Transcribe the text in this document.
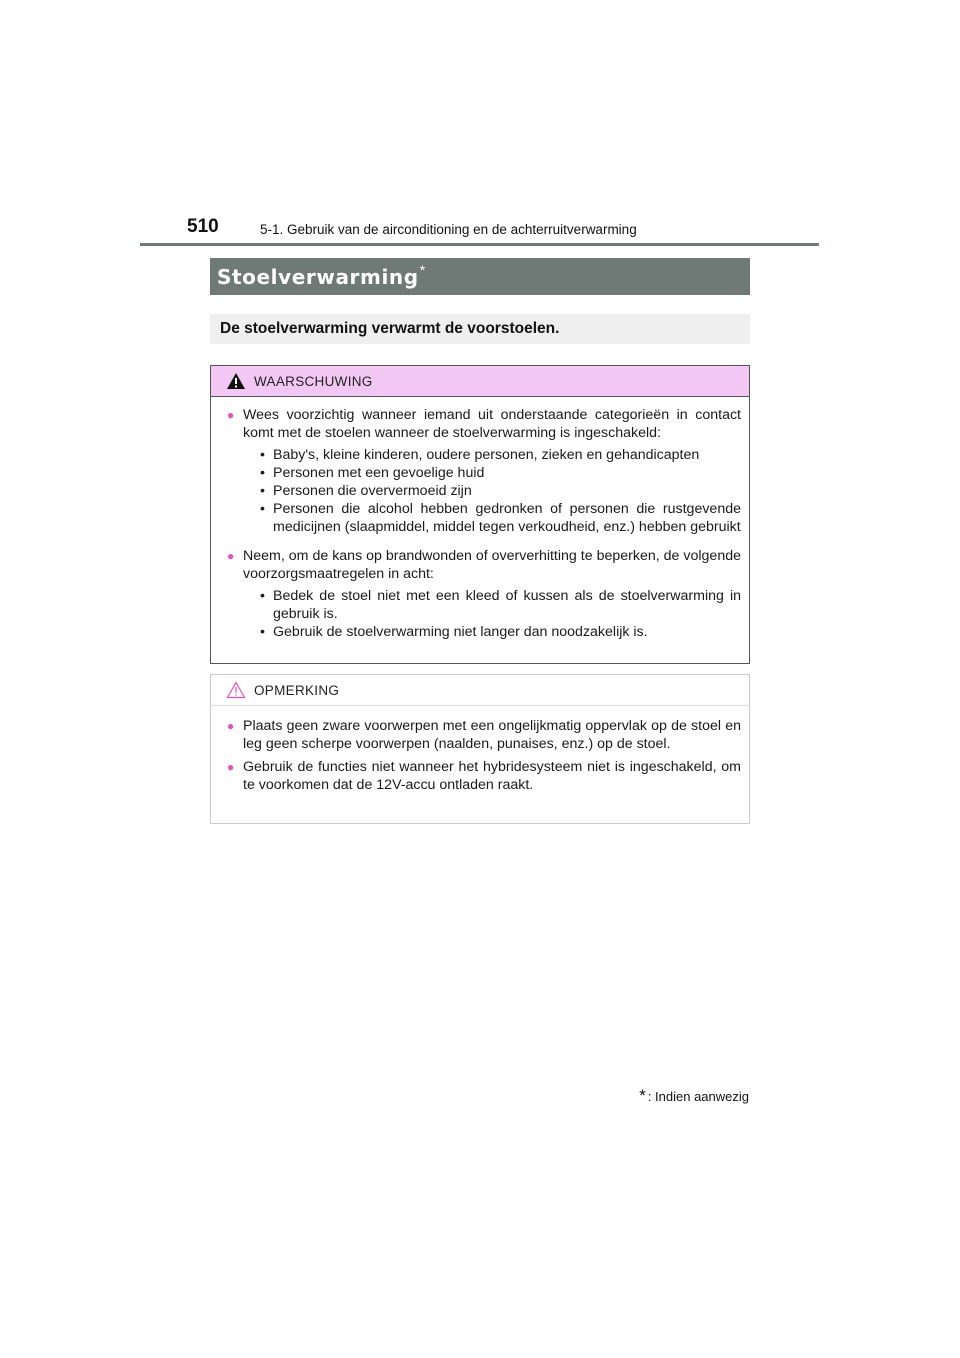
510	5-1. Gebruik van de airconditioning en de achterruitverwarming
Stoelverwarming *
De stoelverwarming verwarmt de voorstoelen.
WAARSCHUWING
● Wees voorzichtig wanneer iemand uit onderstaande categorieën in contact komt met de stoelen wanneer de stoelverwarming is ingeschakeld:
• Baby's, kleine kinderen, oudere personen, zieken en gehandicapten
• Personen met een gevoelige huid
• Personen die oververmoeid zijn
• Personen die alcohol hebben gedronken of personen die rustgevende medicijnen (slaapmiddel, middel tegen verkoudheid, enz.) hebben gebruikt
● Neem, om de kans op brandwonden of oververhitting te beperken, de volgende voorzorgsmaatregelen in acht:
• Bedek de stoel niet met een kleed of kussen als de stoelverwarming in gebruik is.
• Gebruik de stoelverwarming niet langer dan noodzakelijk is.
OPMERKING
● Plaats geen zware voorwerpen met een ongelijkmatig oppervlak op de stoel en leg geen scherpe voorwerpen (naalden, punaises, enz.) op de stoel.
● Gebruik de functies niet wanneer het hybridesysteem niet is ingeschakeld, om te voorkomen dat de 12V-accu ontladen raakt.
* : Indien aanwezig
